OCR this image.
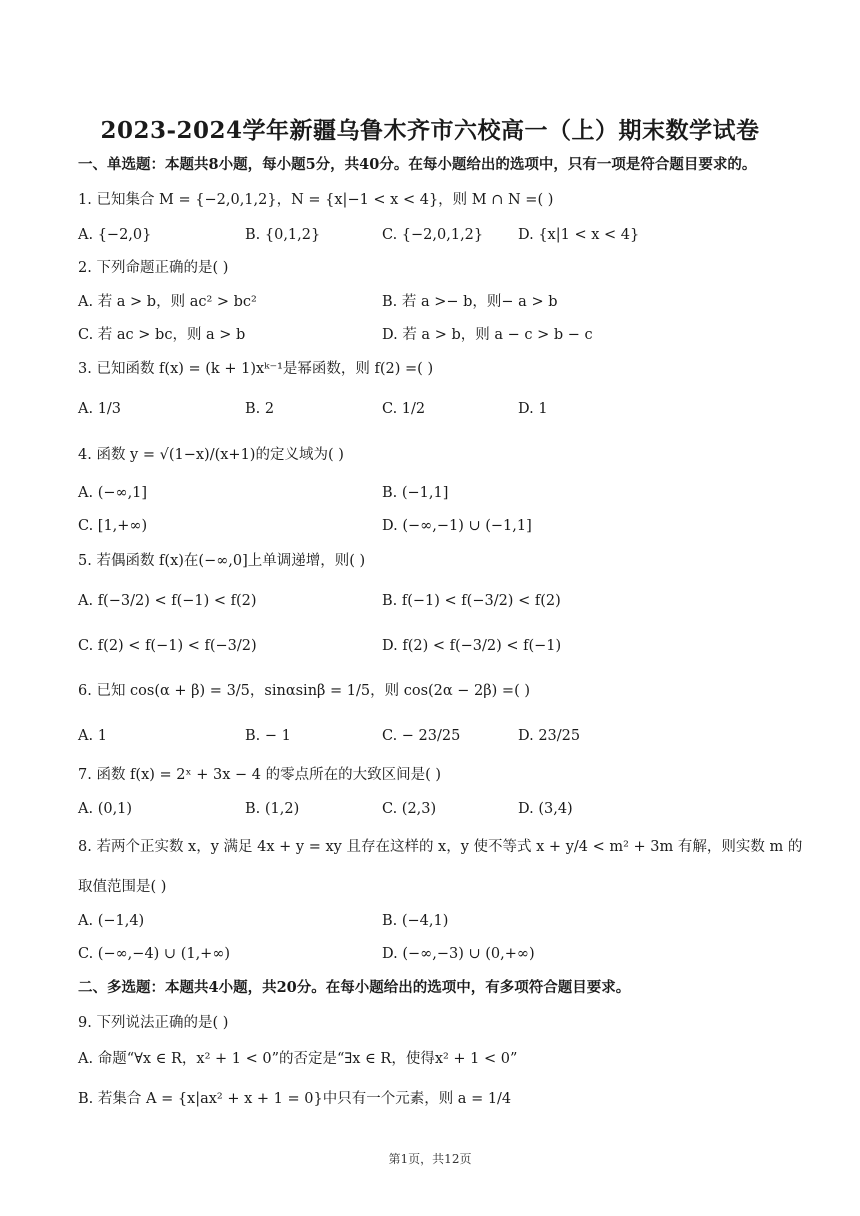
2023-2024学年新疆乌鲁木齐市六校高一（上）期末数学试卷
一、单选题：本题共8小题，每小题5分，共40分。在每小题给出的选项中，只有一项是符合题目要求的。
1. 已知集合 M = {−2,0,1,2}，N = {x|−1 < x < 4}，则 M ∩ N =( )
A. {−2,0}	B. {0,1,2}	C. {−2,0,1,2} D. {x|1 < x < 4}
2. 下列命题正确的是( )
A. 若 a > b，则 ac² > bc²	B. 若 a >− b，则− a > b
C. 若 ac > bc，则 a > b	D. 若 a > b，则 a − c > b − c
3. 已知函数 f(x) = (k + 1)xᵏ⁻¹是幂函数，则 f(2) =( )
A. 1/3	B. 2	C. 1/2	D. 1
4. 函数 y = √(1−x)/(x+1)的定义域为( )
A. (−∞,1]	B. (−1,1]
C. [1,+∞)	D. (−∞,−1) ∪ (−1,1]
5. 若偶函数 f(x)在(−∞,0]上单调递增，则( )
A. f(−3/2) < f(−1) < f(2)	B. f(−1) < f(−3/2) < f(2)
C. f(2) < f(−1) < f(−3/2)	D. f(2) < f(−3/2) < f(−1)
6. 已知 cos(α + β) = 3/5，sinαsinβ = 1/5，则 cos(2α − 2β) =( )
A. 1	B. − 1	C. − 23/25	D. 23/25
7. 函数 f(x) = 2ˣ + 3x − 4 的零点所在的大致区间是( )
A. (0,1)	B. (1,2)	C. (2,3)	D. (3,4)
8. 若两个正实数 x，y 满足 4x + y = xy 且存在这样的 x，y 使不等式 x + y/4 < m² + 3m 有解，则实数 m 的
取值范围是( )
A. (−1,4)	B. (−4,1)
C. (−∞,−4) ∪ (1,+∞)	D. (−∞,−3) ∪ (0,+∞)
二、多选题：本题共4小题，共20分。在每小题给出的选项中，有多项符合题目要求。
9. 下列说法正确的是( )
A. 命题“∀x ∈ R，x² + 1 < 0”的否定是“∃x ∈ R，使得x² + 1 < 0”
B. 若集合 A = {x|ax² + x + 1 = 0}中只有一个元素，则 a = 1/4
第1页，共12页
